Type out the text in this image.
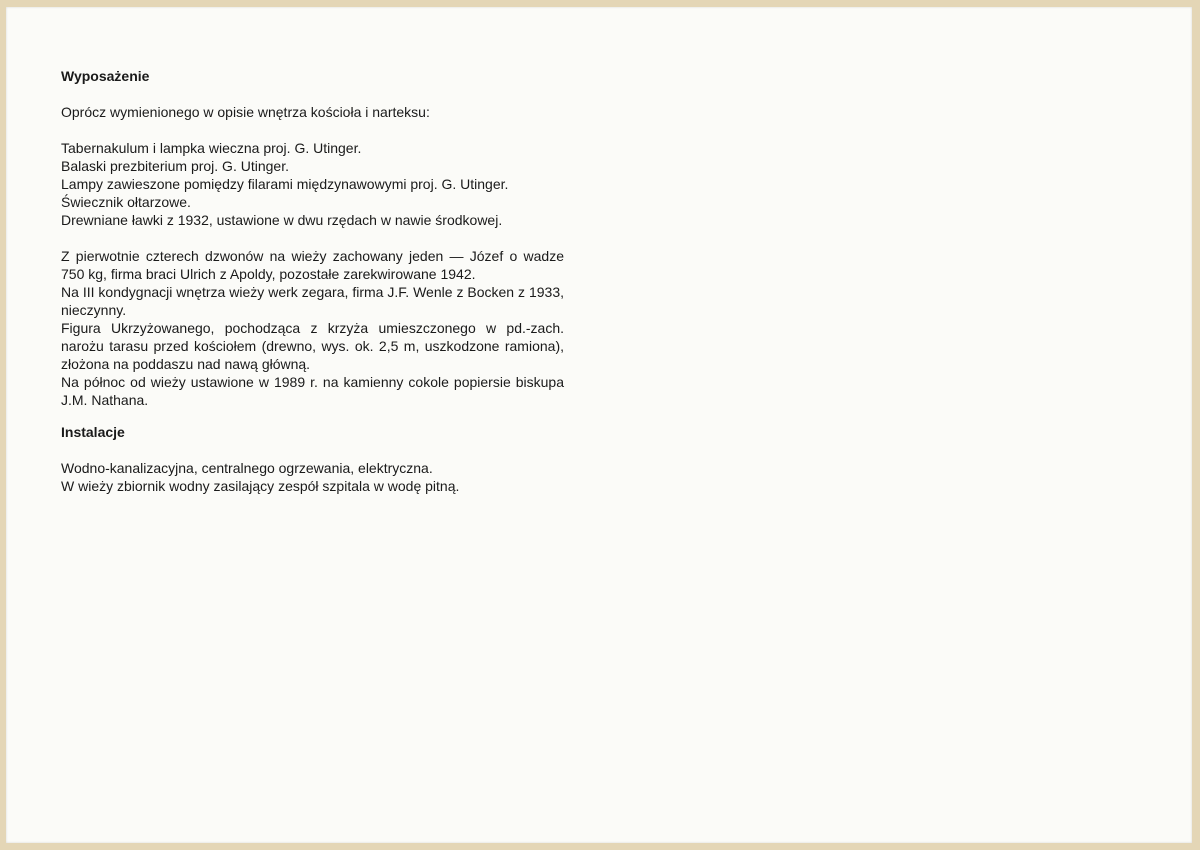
Wyposażenie

Oprócz wymienionego w opisie wnętrza kościoła i narteksu:

Tabernakulum i lampka wieczna proj. G. Utinger.

Balaski prezbiterium proj. G. Utinger.

Lampy zawieszone pomiędzy filarami międzynawowymi proj. G. Utinger.

Świecznik ołtarzowe.

Drewniane ławki z 1932, ustawione w dwu rzędach w nawie środkowej.

Z pierwotnie czterech dzwonów na wieży zachowany jeden — Józef o wadze 750 kg, firma braci Ulrich z Apoldy, pozostałe zarekwirowane 1942.

Na III kondygnacji wnętrza wieży werk zegara, firma J.F. Wenle z Bocken z 1933, nieczynny.

Figura Ukrzyżowanego, pochodząca z krzyża umieszczonego w pd.-zach. narożu tarasu przed kościołem (drewno, wys. ok. 2,5 m, uszkodzone ramiona), złożona na poddaszu nad nawą główną.

Na północ od wieży ustawione w 1989 r. na kamienny cokole popiersie biskupa J.M. Nathana.

Instalacje

Wodno-kanalizacyjna, centralnego ogrzewania, elektryczna.

W wieży zbiornik wodny zasilający zespół szpitala w wodę pitną.
